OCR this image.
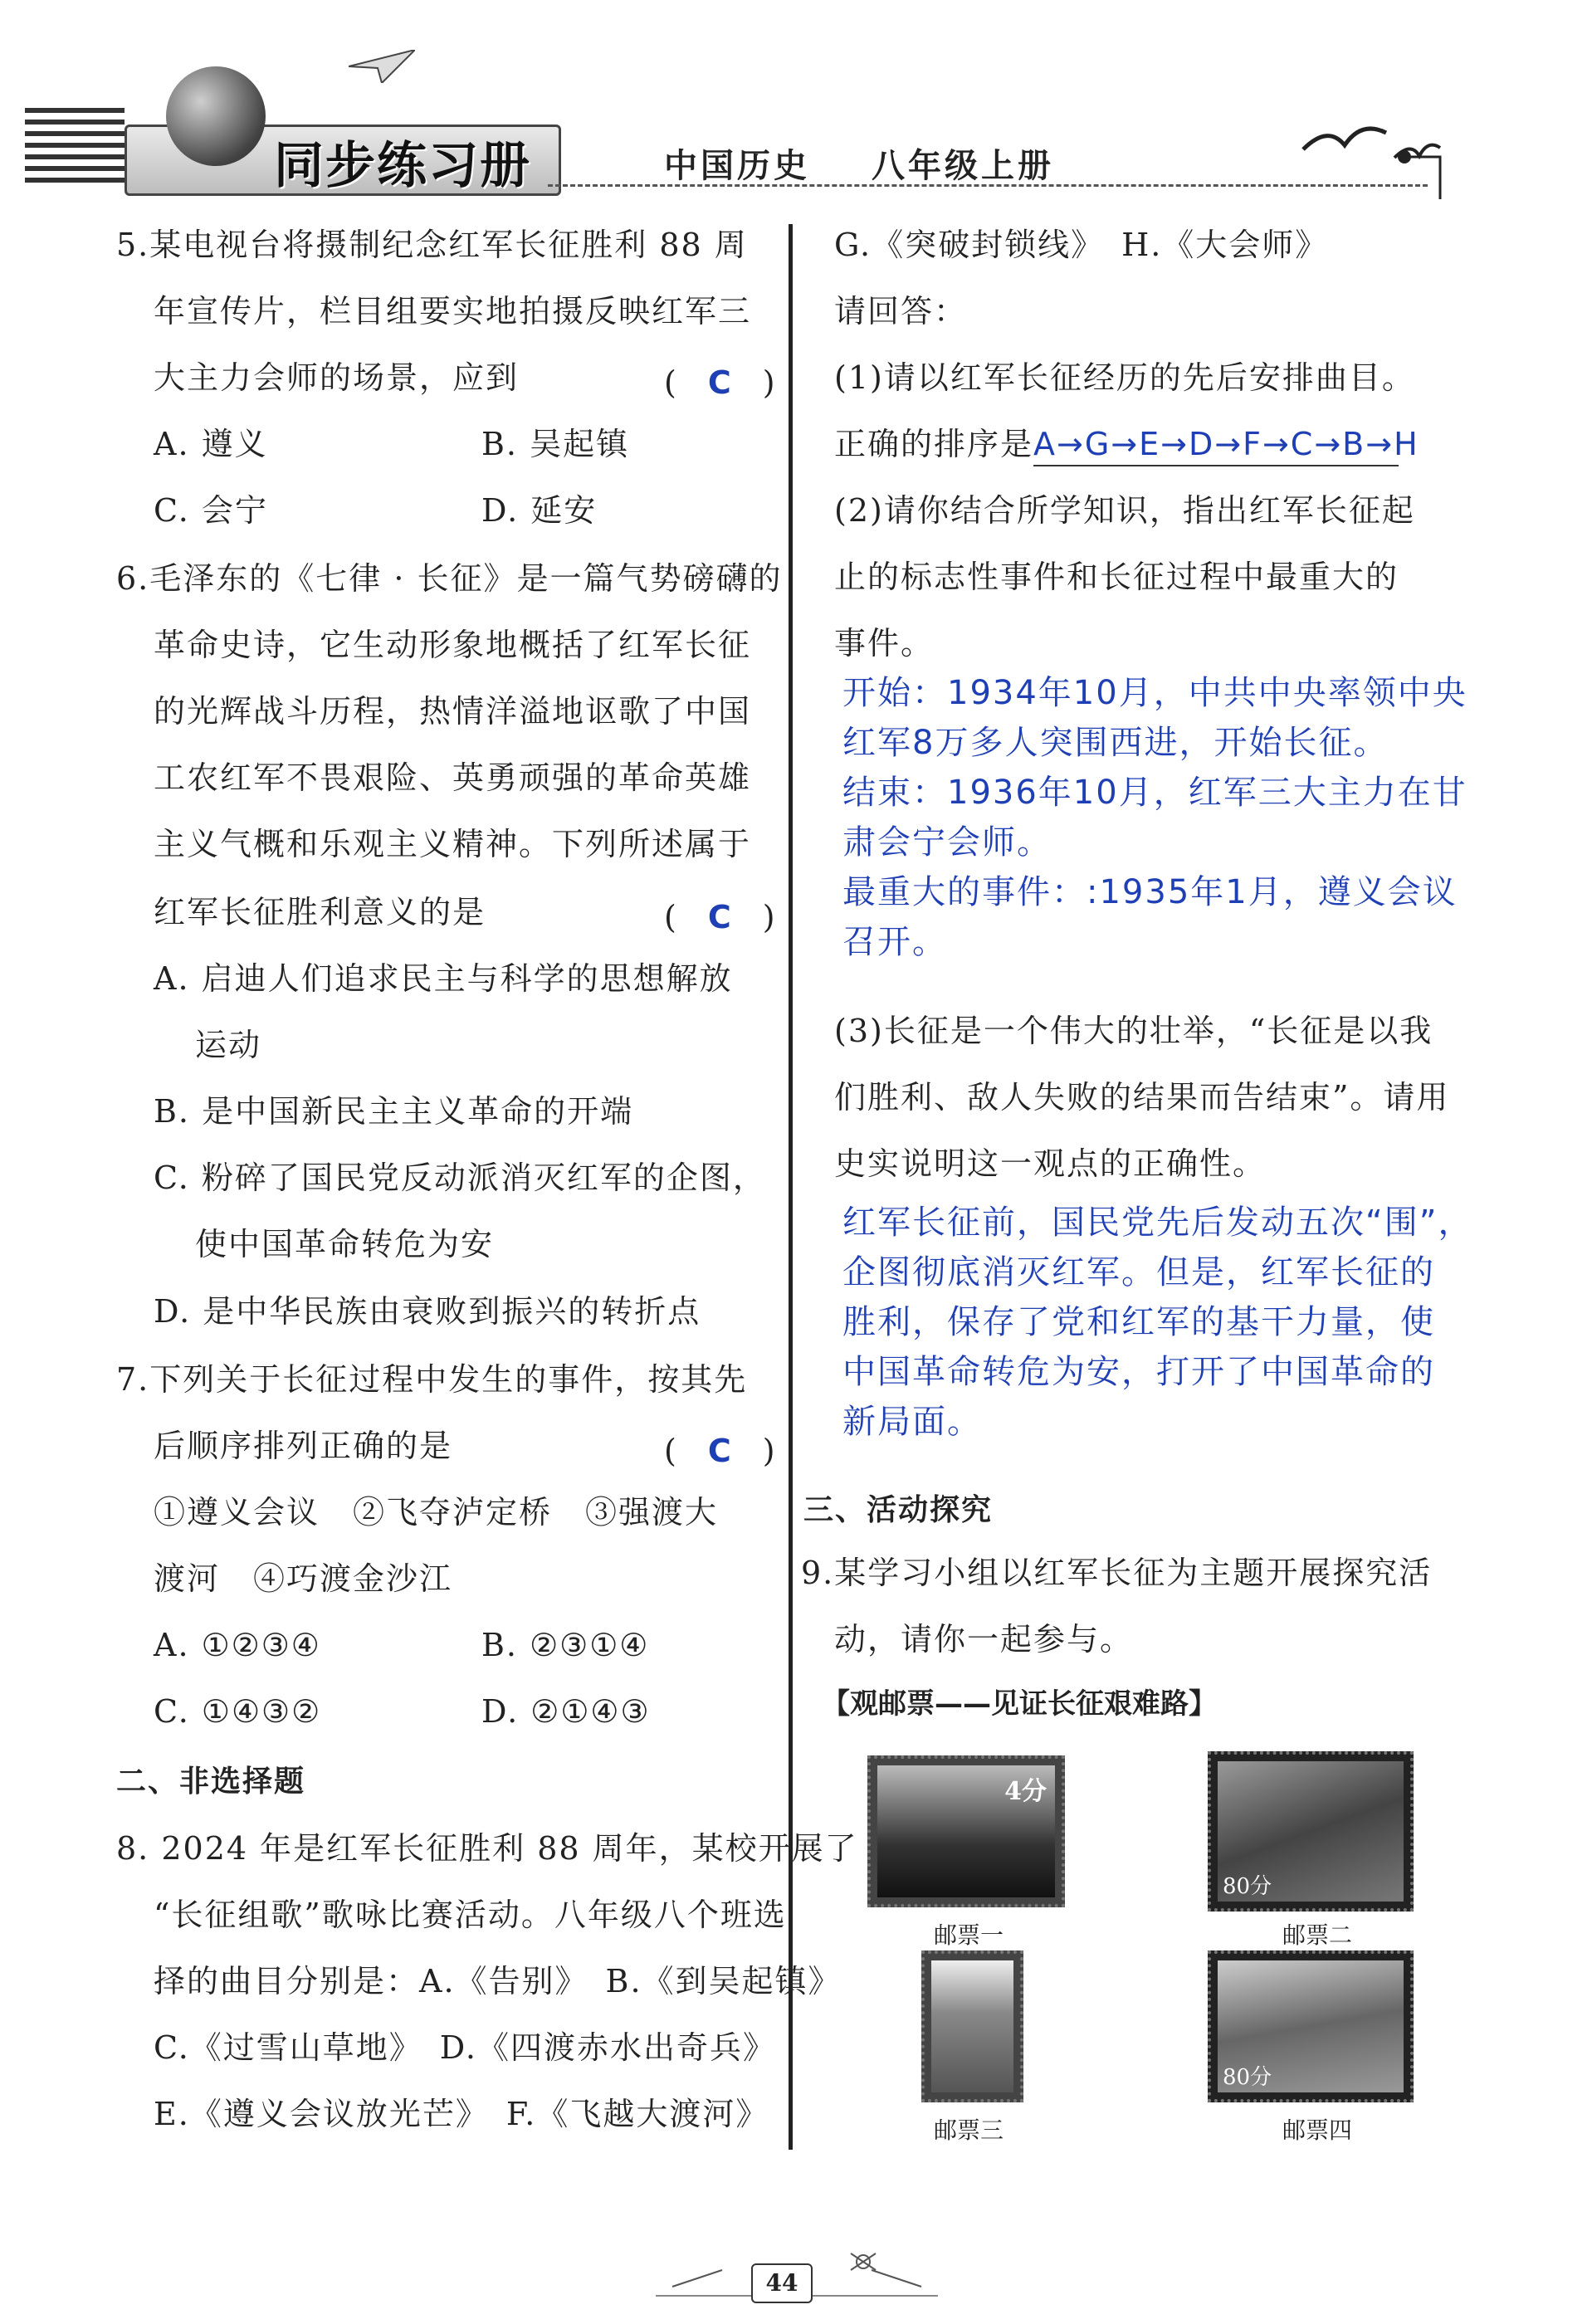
同步练习册	中国历史 八年级上册
5.某电视台将摄制纪念红军长征胜利 88 周
年宣传片，栏目组要实地拍摄反映红军三
大主力会师的场景，应到	(　C　)
A. 遵义	B. 吴起镇
C. 会宁	D. 延安
6.毛泽东的《七律 · 长征》是一篇气势磅礴的
革命史诗，它生动形象地概括了红军长征
的光辉战斗历程，热情洋溢地讴歌了中国
工农红军不畏艰险、英勇顽强的革命英雄
主义气概和乐观主义精神。下列所述属于
红军长征胜利意义的是	(　C　)
A. 启迪人们追求民主与科学的思想解放
运动
B. 是中国新民主主义革命的开端
C. 粉碎了国民党反动派消灭红军的企图，
使中国革命转危为安
D. 是中华民族由衰败到振兴的转折点
7.下列关于长征过程中发生的事件，按其先
后顺序排列正确的是	(　C　)
①遵义会议　②飞夺泸定桥　③强渡大
渡河　④巧渡金沙江
A. ①②③④	B. ②③①④
C. ①④③②	D. ②①④③
二、非选择题
8. 2024 年是红军长征胜利 88 周年，某校开展了
“长征组歌”歌咏比赛活动。八年级八个班选
择的曲目分别是：A.《告别》　B.《到吴起镇》
C.《过雪山草地》　D.《四渡赤水出奇兵》
E.《遵义会议放光芒》　F.《飞越大渡河》
G.《突破封锁线》　H.《大会师》
请回答：
(1)请以红军长征经历的先后安排曲目。
正确的排序是A→G→E→D→F→C→B→H
(2)请你结合所学知识，指出红军长征起
止的标志性事件和长征过程中最重大的
事件。
开始：1934年10月，中共中央率领中央
红军8万多人突围西进，开始长征。
结束：1936年10月，红军三大主力在甘
肃会宁会师。
最重大的事件：:1935年1月，遵义会议
召开。
(3)长征是一个伟大的壮举，“长征是以我
们胜利、敌人失败的结果而告结束”。请用
史实说明这一观点的正确性。
红军长征前，国民党先后发动五次“围”，
企图彻底消灭红军。但是，红军长征的
胜利，保存了党和红军的基干力量，使
中国革命转危为安，打开了中国革命的
新局面。
三、活动探究
9.某学习小组以红军长征为主题开展探究活
动，请你一起参与。
【观邮票——见证长征艰难路】
4分
邮票一
80分
邮票二
邮票三
80分
邮票四
44
